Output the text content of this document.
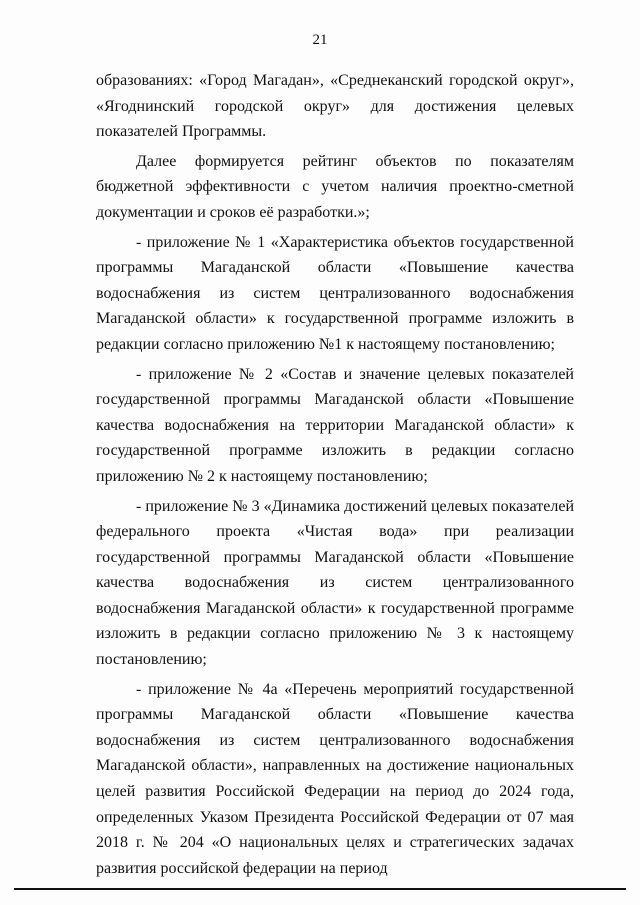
21

образованиях: «Город Магадан», «Среднеканский городской округ», «Ягоднинский городской округ» для достижения целевых показателей Программы.

Далее формируется рейтинг объектов по показателям бюджетной эффективности с учетом наличия проектно-сметной документации и сроков её разработки.»;

- приложение № 1 «Характеристика объектов государственной программы Магаданской области «Повышение качества водоснабжения из систем централизованного водоснабжения Магаданской области» к государственной программе изложить в редакции согласно приложению №1 к настоящему постановлению;

- приложение № 2 «Состав и значение целевых показателей государственной программы Магаданской области «Повышение качества водоснабжения на территории Магаданской области» к государственной программе изложить в редакции согласно приложению № 2 к настоящему постановлению;

- приложение № 3 «Динамика достижений целевых показателей федерального проекта «Чистая вода» при реализации государственной программы Магаданской области «Повышение качества водоснабжения из систем централизованного водоснабжения Магаданской области» к государственной программе изложить в редакции согласно приложению № 3 к настоящему постановлению;

- приложение № 4а «Перечень мероприятий государственной программы Магаданской области «Повышение качества водоснабжения из систем централизованного водоснабжения Магаданской области», направленных на достижение национальных целей развития Российской Федерации на период до 2024 года, определенных Указом Президента Российской Федерации от 07 мая 2018 г. № 204 «О национальных целях и стратегических задачах развития российской федерации на период
